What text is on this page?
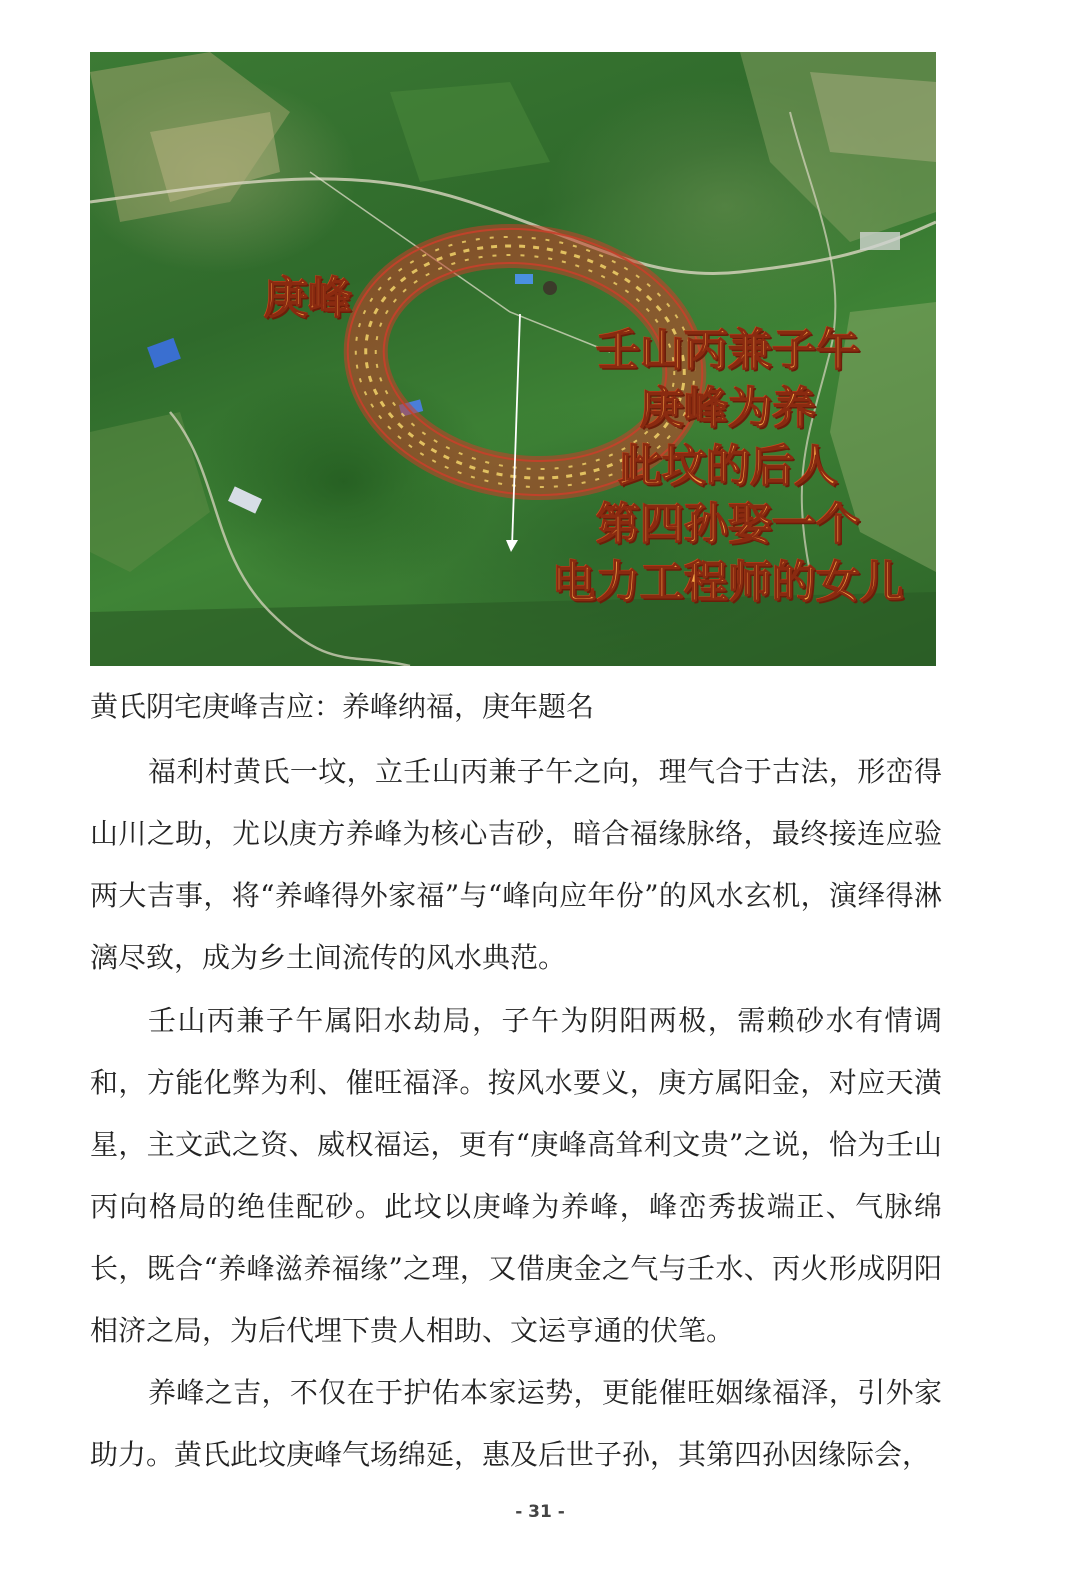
庚峰

壬山丙兼子午

庚峰为养

此坟的后人

第四孙娶一个

电力工程师的女儿

黄氏阴宅庚峰吉应：养峰纳福，庚年题名

福利村黄氏一坟，立壬山丙兼子午之向，理气合于古法，形峦得山川之助，尤以庚方养峰为核心吉砂，暗合福缘脉络，最终接连应验两大吉事，将“养峰得外家福”与“峰向应年份”的风水玄机，演绎得淋漓尽致，成为乡土间流传的风水典范。

壬山丙兼子午属阳水劫局，子午为阴阳两极，需赖砂水有情调和，方能化弊为利、催旺福泽。按风水要义，庚方属阳金，对应天潢星，主文武之资、威权福运，更有“庚峰高耸利文贵”之说，恰为壬山丙向格局的绝佳配砂。此坟以庚峰为养峰，峰峦秀拔端正、气脉绵长，既合“养峰滋养福缘”之理，又借庚金之气与壬水、丙火形成阴阳相济之局，为后代埋下贵人相助、文运亨通的伏笔。

养峰之吉，不仅在于护佑本家运势，更能催旺姻缘福泽，引外家助力。黄氏此坟庚峰气场绵延，惠及后世子孙，其第四孙因缘际会，

- 31 -
